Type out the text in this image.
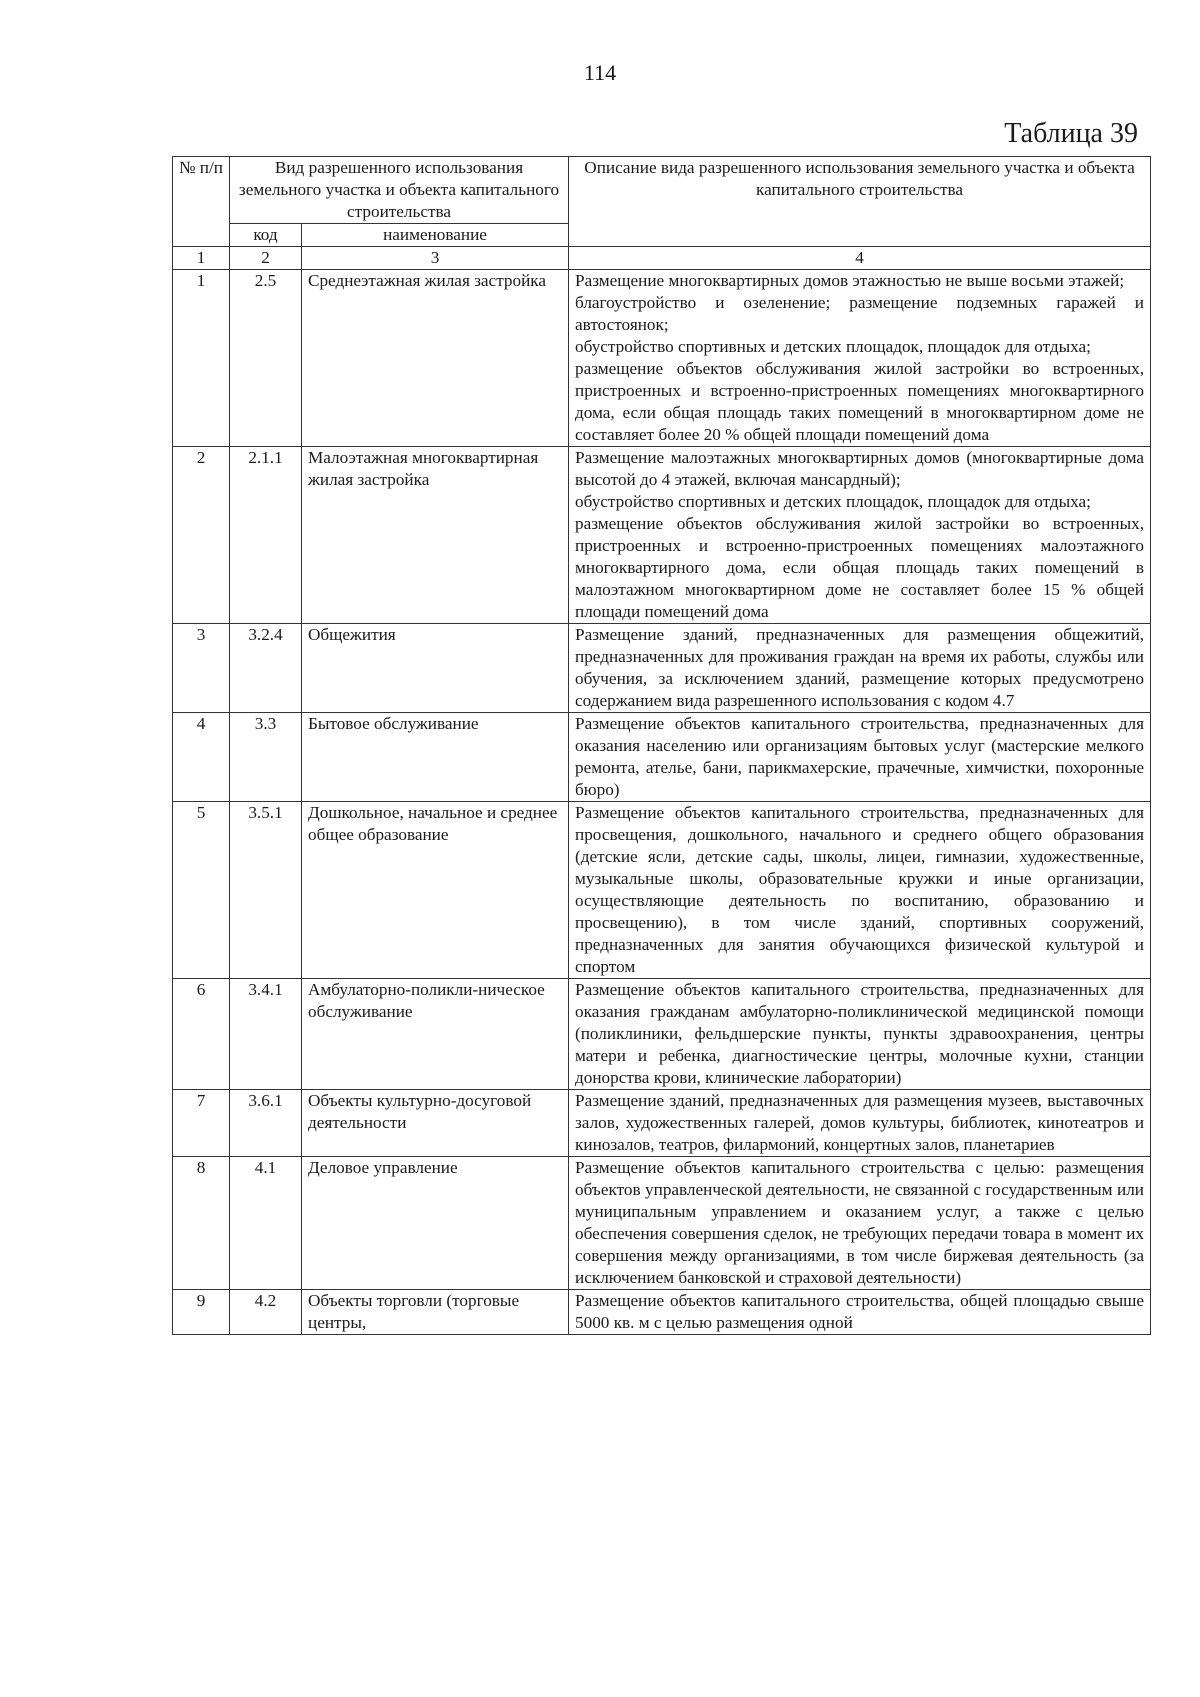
114
Таблица 39
№ п/п	Вид разрешенного использования земельного участка и объекта капитального строительства		Описание вида разрешенного использования земельного участка и объекта капитального строительства
	код	наименование	
1	2	3	4
1	2.5	Среднеэтажная жилая застройка	Размещение многоквартирных домов этажностью не выше восьми этажей;
благоустройство и озеленение; размещение подземных гаражей и автостоянок;
обустройство спортивных и детских площадок, площадок для отдыха;
размещение объектов обслуживания жилой застройки во встроенных, пристроенных и встроенно-пристроенных помещениях многоквартирного дома, если общая площадь таких помещений в многоквартирном доме не составляет более 20 % общей площади помещений дома

2	2.1.1	Малоэтажная многоквартирная жилая застройка	Размещение малоэтажных многоквартирных домов (многоквартирные дома высотой до 4 этажей, включая мансардный);
обустройство спортивных и детских площадок, площадок для отдыха;
размещение объектов обслуживания жилой застройки во встроенных, пристроенных и встроенно-пристроенных помещениях малоэтажного многоквартирного дома, если общая площадь таких помещений в малоэтажном многоквартирном доме не составляет более 15 % общей площади помещений дома

3	3.2.4	Общежития	Размещение зданий, предназначенных для размещения общежитий, предназначенных для проживания граждан на время их работы, службы или обучения, за исключением зданий, размещение которых предусмотрено содержанием вида разрешенного использования с кодом 4.7

4	3.3	Бытовое обслуживание	Размещение объектов капитального строительства, предназначенных для оказания населению или организациям бытовых услуг (мастерские мелкого ремонта, ателье, бани, парикмахерские, прачечные, химчистки, похоронные бюро)

5	3.5.1	Дошкольное, начальное и среднее общее образование	Размещение объектов капитального строительства, предназначенных для просвещения, дошкольного, начального и среднего общего образования (детские ясли, детские сады, школы, лицеи, гимназии, художественные, музыкальные школы, образовательные кружки и иные организации, осуществляющие деятельность по воспитанию, образованию и просвещению), в том числе зданий, спортивных сооружений, предназначенных для занятия обучающихся физической культурой и спортом

6	3.4.1	Амбулаторно-поликли-ническое обслуживание	Размещение объектов капитального строительства, предназначенных для оказания гражданам амбулаторно-поликлинической медицинской помощи (поликлиники, фельдшерские пункты, пункты здравоохранения, центры матери и ребенка, диагностические центры, молочные кухни, станции донорства крови, клинические лаборатории)

7	3.6.1	Объекты культурно-досуговой деятельности	Размещение зданий, предназначенных для размещения музеев, выставочных залов, художественных галерей, домов культуры, библиотек, кинотеатров и кинозалов, театров, филармоний, концертных залов, планетариев

8	4.1	Деловое управление	Размещение объектов капитального строительства с целью: размещения объектов управленческой деятельности, не связанной с государственным или муниципальным управлением и оказанием услуг, а также с целью обеспечения совершения сделок, не требующих передачи товара в момент их совершения между организациями, в том числе биржевая деятельность (за исключением банковской и страховой деятельности)

9	4.2	Объекты торговли (торговые центры,	Размещение объектов капитального строительства, общей площадью свыше 5000 кв. м с целью размещения одной
